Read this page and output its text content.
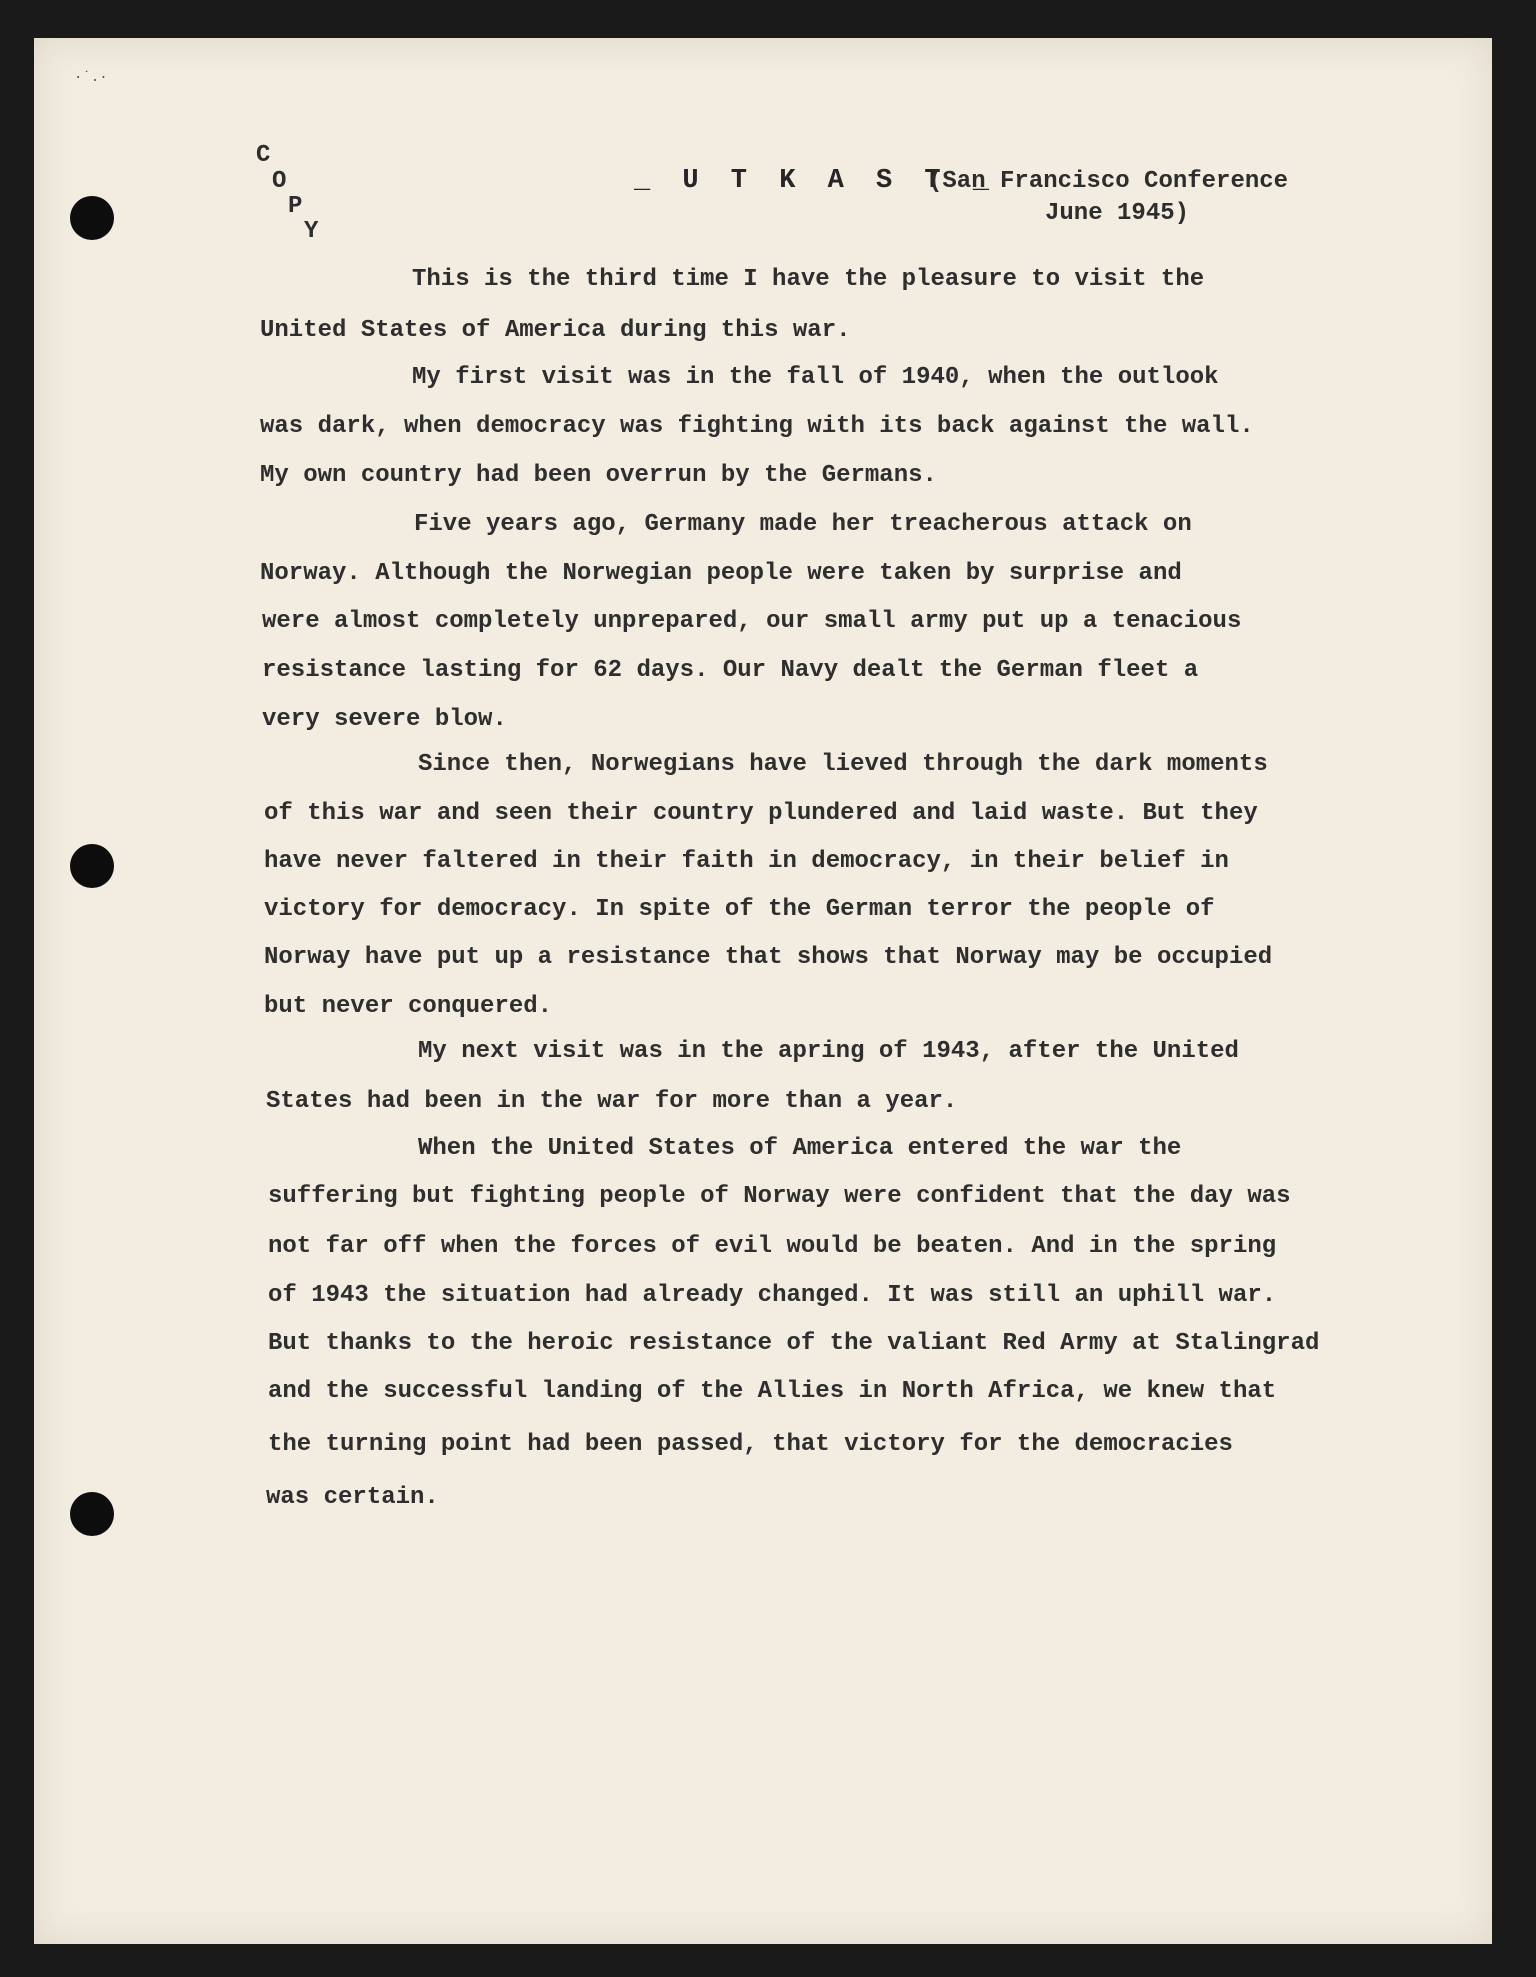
·˙.·
C
O
P
Y
_ U T K A S T _
(San Francisco Conference
June 1945)
This is the third time I have the pleasure to visit the
United States of America during this war.
My first visit was in the fall of 1940, when the outlook
was dark, when democracy was fighting with its back against the wall.
My own country had been overrun by the Germans.
Five years ago, Germany made her treacherous attack on
Norway. Although the Norwegian people were taken by surprise and
were almost completely unprepared, our small army put up a tenacious
resistance lasting for 62 days. Our Navy dealt the German fleet a
very severe blow.
Since then, Norwegians have lieved through the dark moments
of this war and seen their country plundered and laid waste. But they
have never faltered in their faith in democracy, in their belief in
victory for democracy. In spite of the German terror the people of
Norway have put up a resistance that shows that Norway may be occupied
but never conquered.
My next visit was in the apring of 1943, after the United
States had been in the war for more than a year.
When the United States of America entered the war the
suffering but fighting people of Norway were confident that the day was
not far off when the forces of evil would be beaten. And in the spring
of 1943 the situation had already changed. It was still an uphill war.
But thanks to the heroic resistance of the valiant Red Army at Stalingrad
and the successful landing of the Allies in North Africa, we knew that
the turning point had been passed, that victory for the democracies
was certain.
